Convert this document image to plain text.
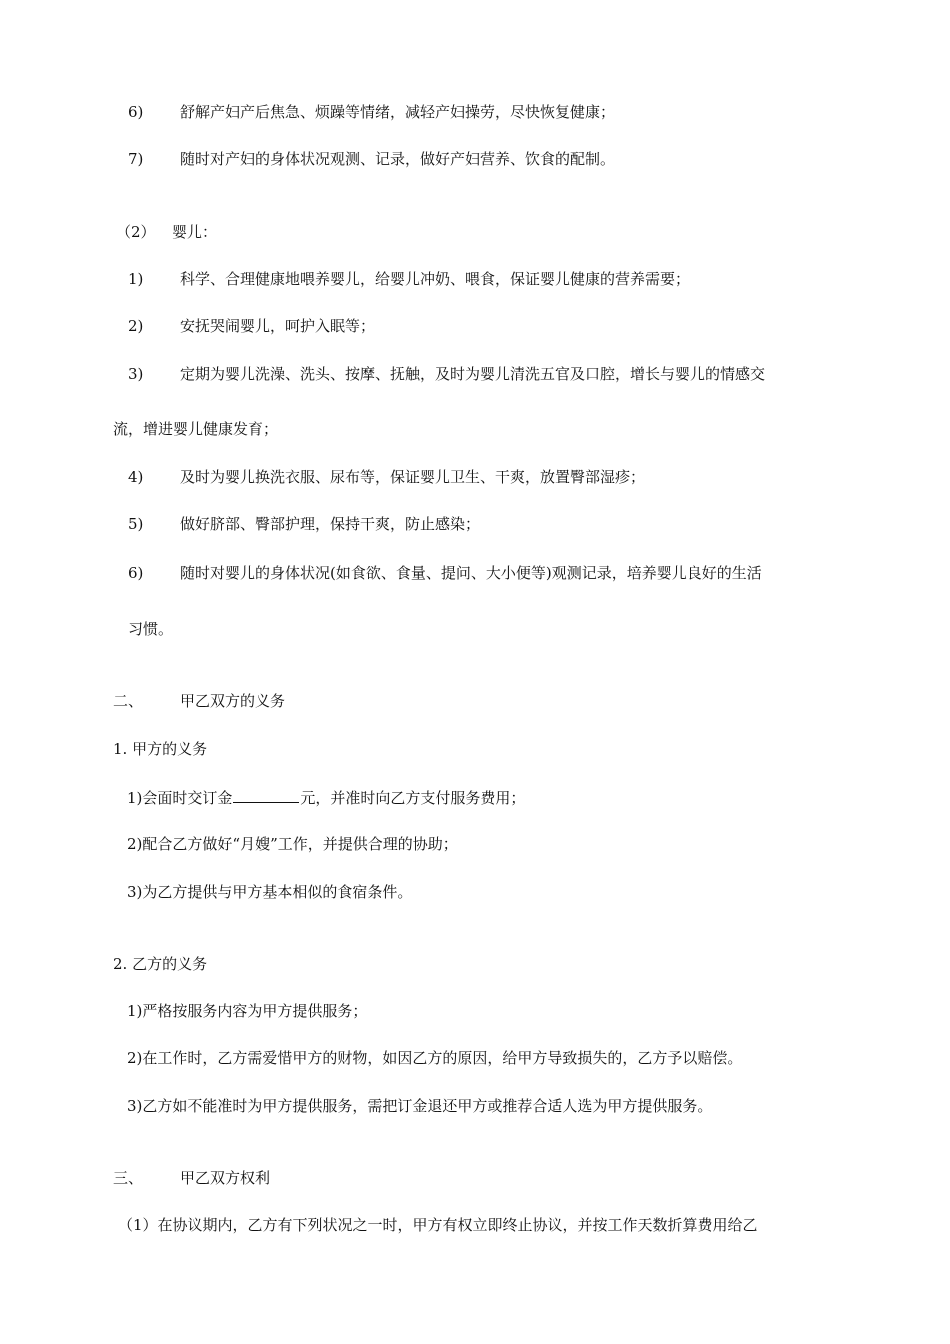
6) 舒解产妇产后焦急、烦躁等情绪，减轻产妇操劳，尽快恢复健康；
7) 随时对产妇的身体状况观测、记录，做好产妇营养、饮食的配制。
（2） 婴儿：
1) 科学、合理健康地喂养婴儿，给婴儿冲奶、喂食，保证婴儿健康的营养需要；
2) 安抚哭闹婴儿，呵护入眠等；
3) 定期为婴儿洗澡、洗头、按摩、抚触，及时为婴儿清洗五官及口腔，增长与婴儿的情感交
流，增进婴儿健康发育；
4) 及时为婴儿换洗衣服、尿布等，保证婴儿卫生、干爽，放置臀部湿疹；
5) 做好脐部、臀部护理，保持干爽，防止感染；
6) 随时对婴儿的身体状况(如食欲、食量、提问、大小便等)观测记录，培养婴儿良好的生活
习惯。
二、 甲乙双方的义务
1. 甲方的义务
1)会面时交订金	元，并准时向乙方支付服务费用；
2)配合乙方做好“月嫂”工作，并提供合理的协助；
3)为乙方提供与甲方基本相似的食宿条件。
2. 乙方的义务
1)严格按服务内容为甲方提供服务；
2)在工作时，乙方需爱惜甲方的财物，如因乙方的原因，给甲方导致损失的，乙方予以赔偿。
3)乙方如不能准时为甲方提供服务，需把订金退还甲方或推荐合适人选为甲方提供服务。
三、 甲乙双方权利
（1）在协议期内，乙方有下列状况之一时，甲方有权立即终止协议，并按工作天数折算费用给乙
